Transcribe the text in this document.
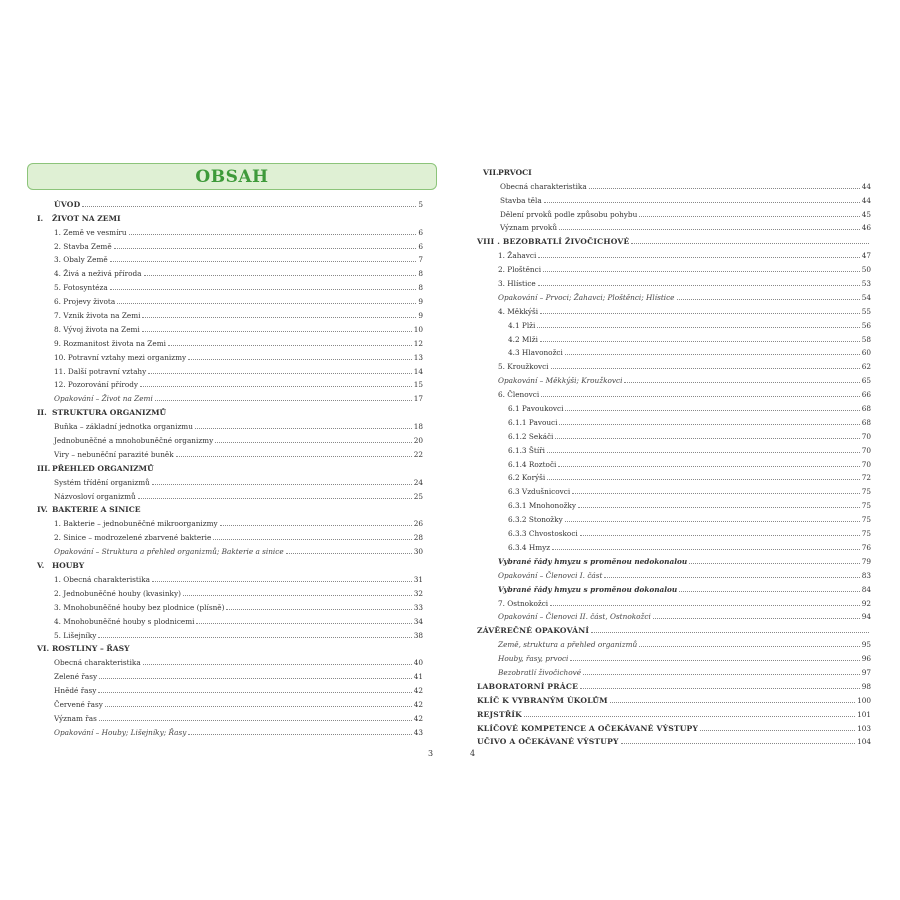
OBSAH
ÚVOD	5
I. ŽIVOT NA ZEMI
1. Země ve vesmíru	6
2. Stavba Země	6
3. Obaly Země	7
4. Živá a neživá příroda	8
5. Fotosyntéza	8
6. Projevy života	9
7. Vznik života na Zemi	9
8. Vývoj života na Zemi	10
9. Rozmanitost života na Zemi	12
10. Potravní vztahy mezi organizmy	13
11. Další potravní vztahy	14
12. Pozorování přírody	15
Opakování – Život na Zemi	17
II. STRUKTURA ORGANIZMŮ
Buňka – základní jednotka organizmu	18
Jednobuněčné a mnohobuněčné organizmy	20
Viry – nebuněční parazité buněk	22
III. PŘEHLED ORGANIZMŮ
Systém třídění organizmů	24
Názvosloví organizmů	25
IV. BAKTERIE A SINICE
1. Bakterie – jednobuněčné mikroorganizmy	26
2. Sinice – modrozelené zbarvené bakterie	28
Opakování – Struktura a přehled organizmů; Bakterie a sinice	30
V. HOUBY
1. Obecná charakteristika	31
2. Jednobuněčné houby (kvasinky)	32
3. Mnohobuněčné houby bez plodnice (plísně)	33
4. Mnohobuněčné houby s plodnicemi	34
5. Lišejníky	38
VI. ROSTLINY – ŘASY
Obecná charakteristika	40
Zelené řasy	41
Hnědé řasy	42
Červené řasy	42
Význam řas	42
Opakování – Houby; Lišejníky; Řasy	43
VII.PRVOCI
Obecná charakteristika	44
Stavba těla	44
Dělení prvoků podle způsobu pohybu	45
Význam prvoků	46
VIII . BEZOBRATLÍ ŽIVOČICHOVÉ
1. Žahavci	47
2. Ploštěnci	50
3. Hlístice	53
Opakování – Prvoci; Žahavci; Ploštěnci; Hlístice	54
4. Měkkýši	55
4.1 Plži	56
4.2 Mlži	58
4.3 Hlavonožci	60
5. Kroužkovci	62
Opakování – Měkkýši; Kroužkovci	65
6. Členovci	66
6.1 Pavoukovci	68
6.1.1 Pavouci	68
6.1.2 Sekáči	70
6.1.3 Štíři	70
6.1.4 Roztoči	70
6.2 Korýši	72
6.3 Vzdušnicovci	75
6.3.1 Mnohonožky	75
6.3.2 Stonožky	75
6.3.3 Chvostoskoci	75
6.3.4 Hmyz	76
Vybrané řády hmyzu s proměnou nedokonalou	79
Opakování – Členovci I. část	83
Vybrané řády hmyzu s proměnou dokonalou	84
7. Ostnokožci	92
Opakování – Členovci II. část, Ostnokožci	94
ZÁVĚREČNÉ OPAKOVÁNÍ
Země, struktura a přehled organizmů	95
Houby, řasy, prvoci	96
Bezobratlí živočichové	97
LABORATORNÍ PRÁCE	98
KLÍČ K VYBRANÝM ÚKOLŮM	100
REJSTŘÍK	101
KLÍČOVÉ KOMPETENCE A OČEKÁVANÉ VÝSTUPY	103
UČIVO A OČEKÁVANÉ VÝSTUPY	104
3	4
